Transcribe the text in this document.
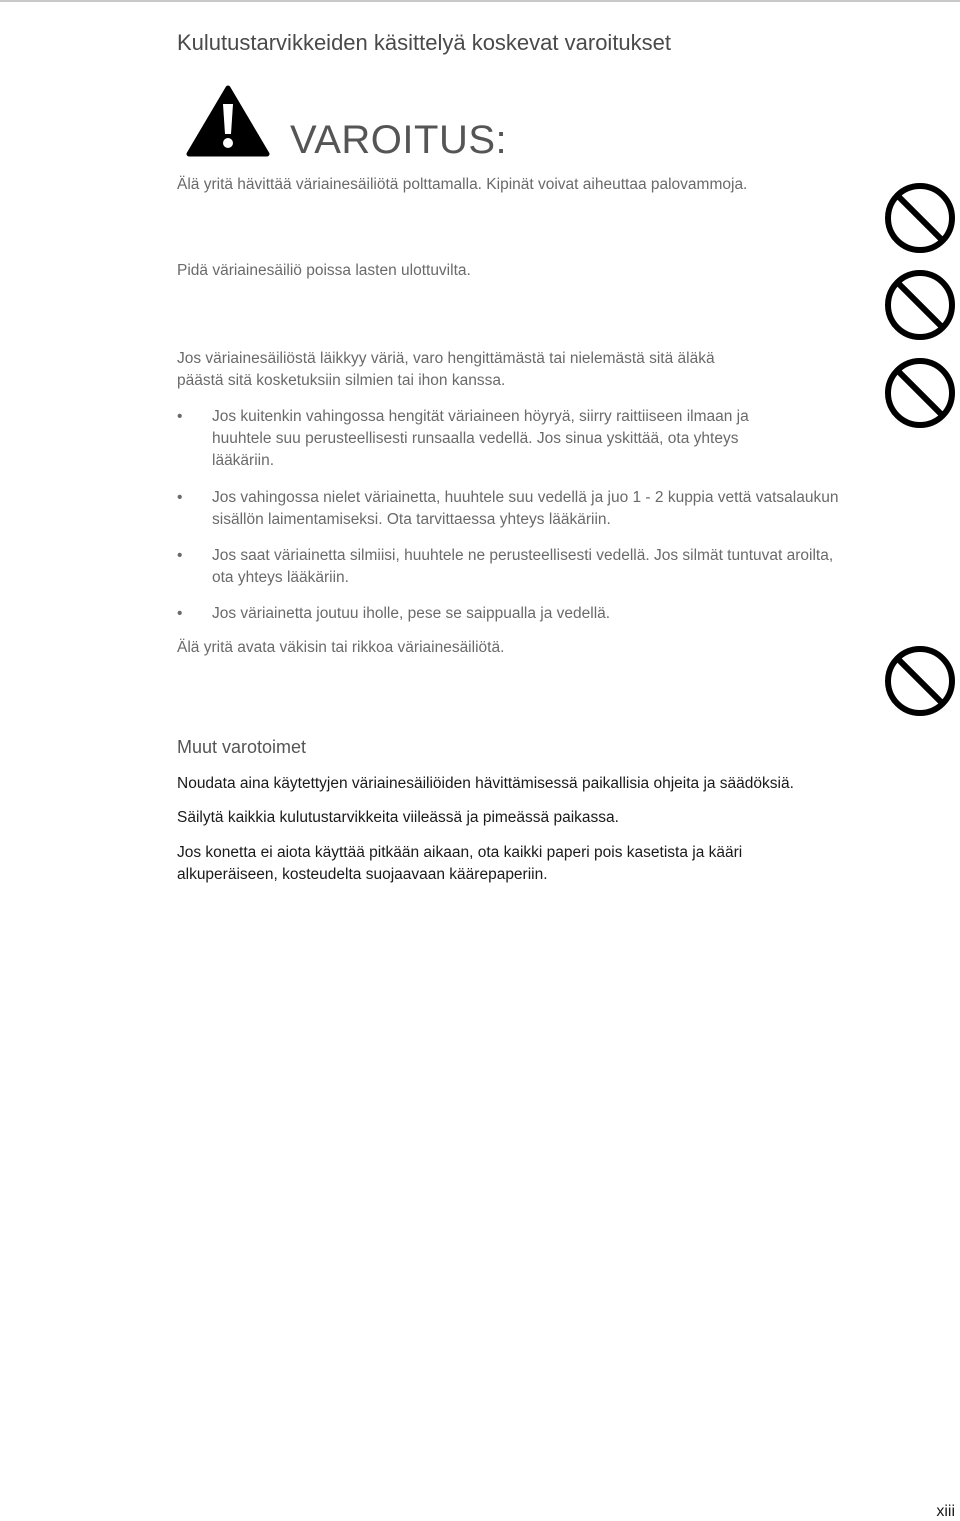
Kulutustarvikkeiden käsittelyä koskevat varoitukset
VAROITUS:
Älä yritä hävittää väriainesäiliötä polttamalla. Kipinät voivat aiheuttaa palovammoja.
Pidä väriainesäiliö poissa lasten ulottuvilta.
Jos väriainesäiliöstä läikkyy väriä, varo hengittämästä tai nielemästä sitä äläkä
päästä sitä kosketuksiin silmien tai ihon kanssa.
• Jos kuitenkin vahingossa hengität väriaineen höyryä, siirry raittiiseen ilmaan ja
huuhtele suu perusteellisesti runsaalla vedellä. Jos sinua yskittää, ota yhteys
lääkäriin.
• Jos vahingossa nielet väriainetta, huuhtele suu vedellä ja juo 1 - 2 kuppia vettä vatsalaukun
sisällön laimentamiseksi. Ota tarvittaessa yhteys lääkäriin.
• Jos saat väriainetta silmiisi, huuhtele ne perusteellisesti vedellä. Jos silmät tuntuvat aroilta,
ota yhteys lääkäriin.
• Jos väriainetta joutuu iholle, pese se saippualla ja vedellä.
Älä yritä avata väkisin tai rikkoa väriainesäiliötä.
Muut varotoimet
Noudata aina käytettyjen väriainesäiliöiden hävittämisessä paikallisia ohjeita ja säädöksiä.
Säilytä kaikkia kulutustarvikkeita viileässä ja pimeässä paikassa.
Jos konetta ei aiota käyttää pitkään aikaan, ota kaikki paperi pois kasetista ja kääri
alkuperäiseen, kosteudelta suojaavaan käärepaperiin.
xiii
